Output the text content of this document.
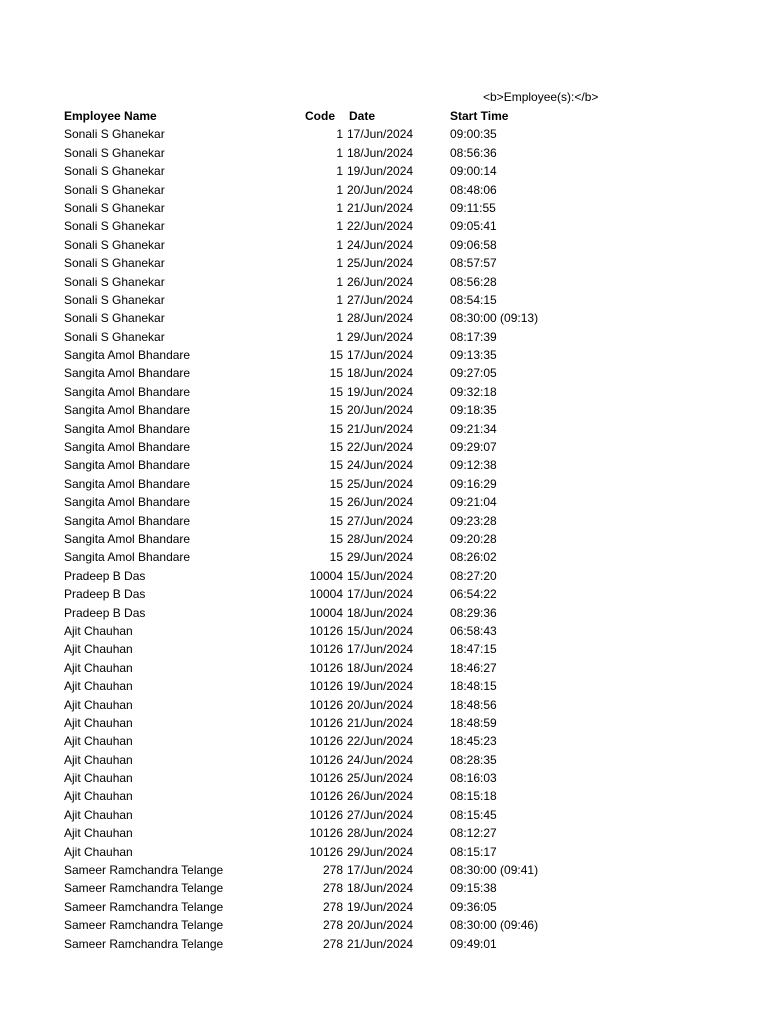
<b>Employee(s):</b>
Employee Name	Code	Date	Start Time
Sonali S Ghanekar	1 17/Jun/2024	09:00:35
Sonali S Ghanekar	1 18/Jun/2024	08:56:36
Sonali S Ghanekar	1 19/Jun/2024	09:00:14
Sonali S Ghanekar	1 20/Jun/2024	08:48:06
Sonali S Ghanekar	1 21/Jun/2024	09:11:55
Sonali S Ghanekar	1 22/Jun/2024	09:05:41
Sonali S Ghanekar	1 24/Jun/2024	09:06:58
Sonali S Ghanekar	1 25/Jun/2024	08:57:57
Sonali S Ghanekar	1 26/Jun/2024	08:56:28
Sonali S Ghanekar	1 27/Jun/2024	08:54:15
Sonali S Ghanekar	1 28/Jun/2024	08:30:00 (09:13)
Sonali S Ghanekar	1 29/Jun/2024	08:17:39
Sangita Amol Bhandare	15 17/Jun/2024	09:13:35
Sangita Amol Bhandare	15 18/Jun/2024	09:27:05
Sangita Amol Bhandare	15 19/Jun/2024	09:32:18
Sangita Amol Bhandare	15 20/Jun/2024	09:18:35
Sangita Amol Bhandare	15 21/Jun/2024	09:21:34
Sangita Amol Bhandare	15 22/Jun/2024	09:29:07
Sangita Amol Bhandare	15 24/Jun/2024	09:12:38
Sangita Amol Bhandare	15 25/Jun/2024	09:16:29
Sangita Amol Bhandare	15 26/Jun/2024	09:21:04
Sangita Amol Bhandare	15 27/Jun/2024	09:23:28
Sangita Amol Bhandare	15 28/Jun/2024	09:20:28
Sangita Amol Bhandare	15 29/Jun/2024	08:26:02
Pradeep B Das	10004 15/Jun/2024	08:27:20
Pradeep B Das	10004 17/Jun/2024	06:54:22
Pradeep B Das	10004 18/Jun/2024	08:29:36
Ajit Chauhan	10126 15/Jun/2024	06:58:43
Ajit Chauhan	10126 17/Jun/2024	18:47:15
Ajit Chauhan	10126 18/Jun/2024	18:46:27
Ajit Chauhan	10126 19/Jun/2024	18:48:15
Ajit Chauhan	10126 20/Jun/2024	18:48:56
Ajit Chauhan	10126 21/Jun/2024	18:48:59
Ajit Chauhan	10126 22/Jun/2024	18:45:23
Ajit Chauhan	10126 24/Jun/2024	08:28:35
Ajit Chauhan	10126 25/Jun/2024	08:16:03
Ajit Chauhan	10126 26/Jun/2024	08:15:18
Ajit Chauhan	10126 27/Jun/2024	08:15:45
Ajit Chauhan	10126 28/Jun/2024	08:12:27
Ajit Chauhan	10126 29/Jun/2024	08:15:17
Sameer Ramchandra Telange	278 17/Jun/2024	08:30:00 (09:41)
Sameer Ramchandra Telange	278 18/Jun/2024	09:15:38
Sameer Ramchandra Telange	278 19/Jun/2024	09:36:05
Sameer Ramchandra Telange	278 20/Jun/2024	08:30:00 (09:46)
Sameer Ramchandra Telange	278 21/Jun/2024	09:49:01
